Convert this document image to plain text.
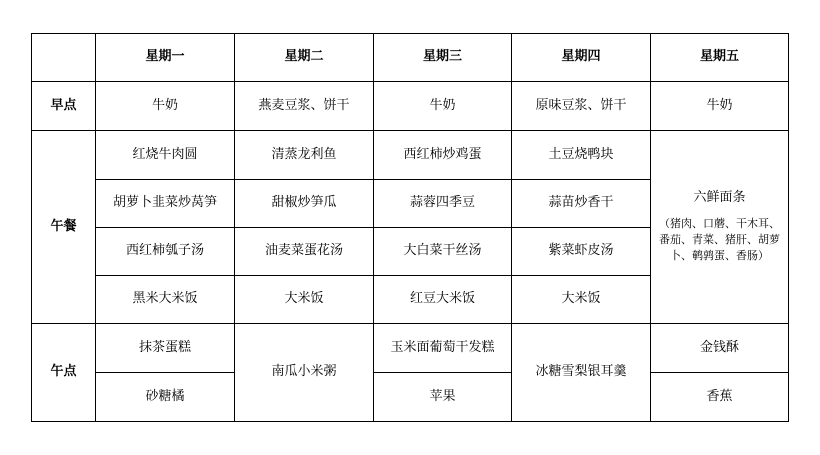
	星期一	星期二	星期三	星期四	星期五
早点	牛奶	燕麦豆浆、饼干	牛奶	原味豆浆、饼干	牛奶
午餐	红烧牛肉圆	清蒸龙利鱼	西红柿炒鸡蛋	土豆烧鸭块	六鲜面条
（猪肉、口蘑、干木耳、番茄、青菜、猪肝、胡萝卜、鹌鹑蛋、香肠）

	胡萝卜韭菜炒莴笋	甜椒炒笋瓜	蒜蓉四季豆	蒜苗炒香干	
	西红柿瓠子汤	油麦菜蛋花汤	大白菜干丝汤	紫菜虾皮汤	
	黑米大米饭	大米饭	红豆大米饭	大米饭	
午点	抹茶蛋糕	南瓜小米粥	玉米面葡萄干发糕	冰糖雪梨银耳羹	金钱酥
	砂糖橘		苹果		香蕉
